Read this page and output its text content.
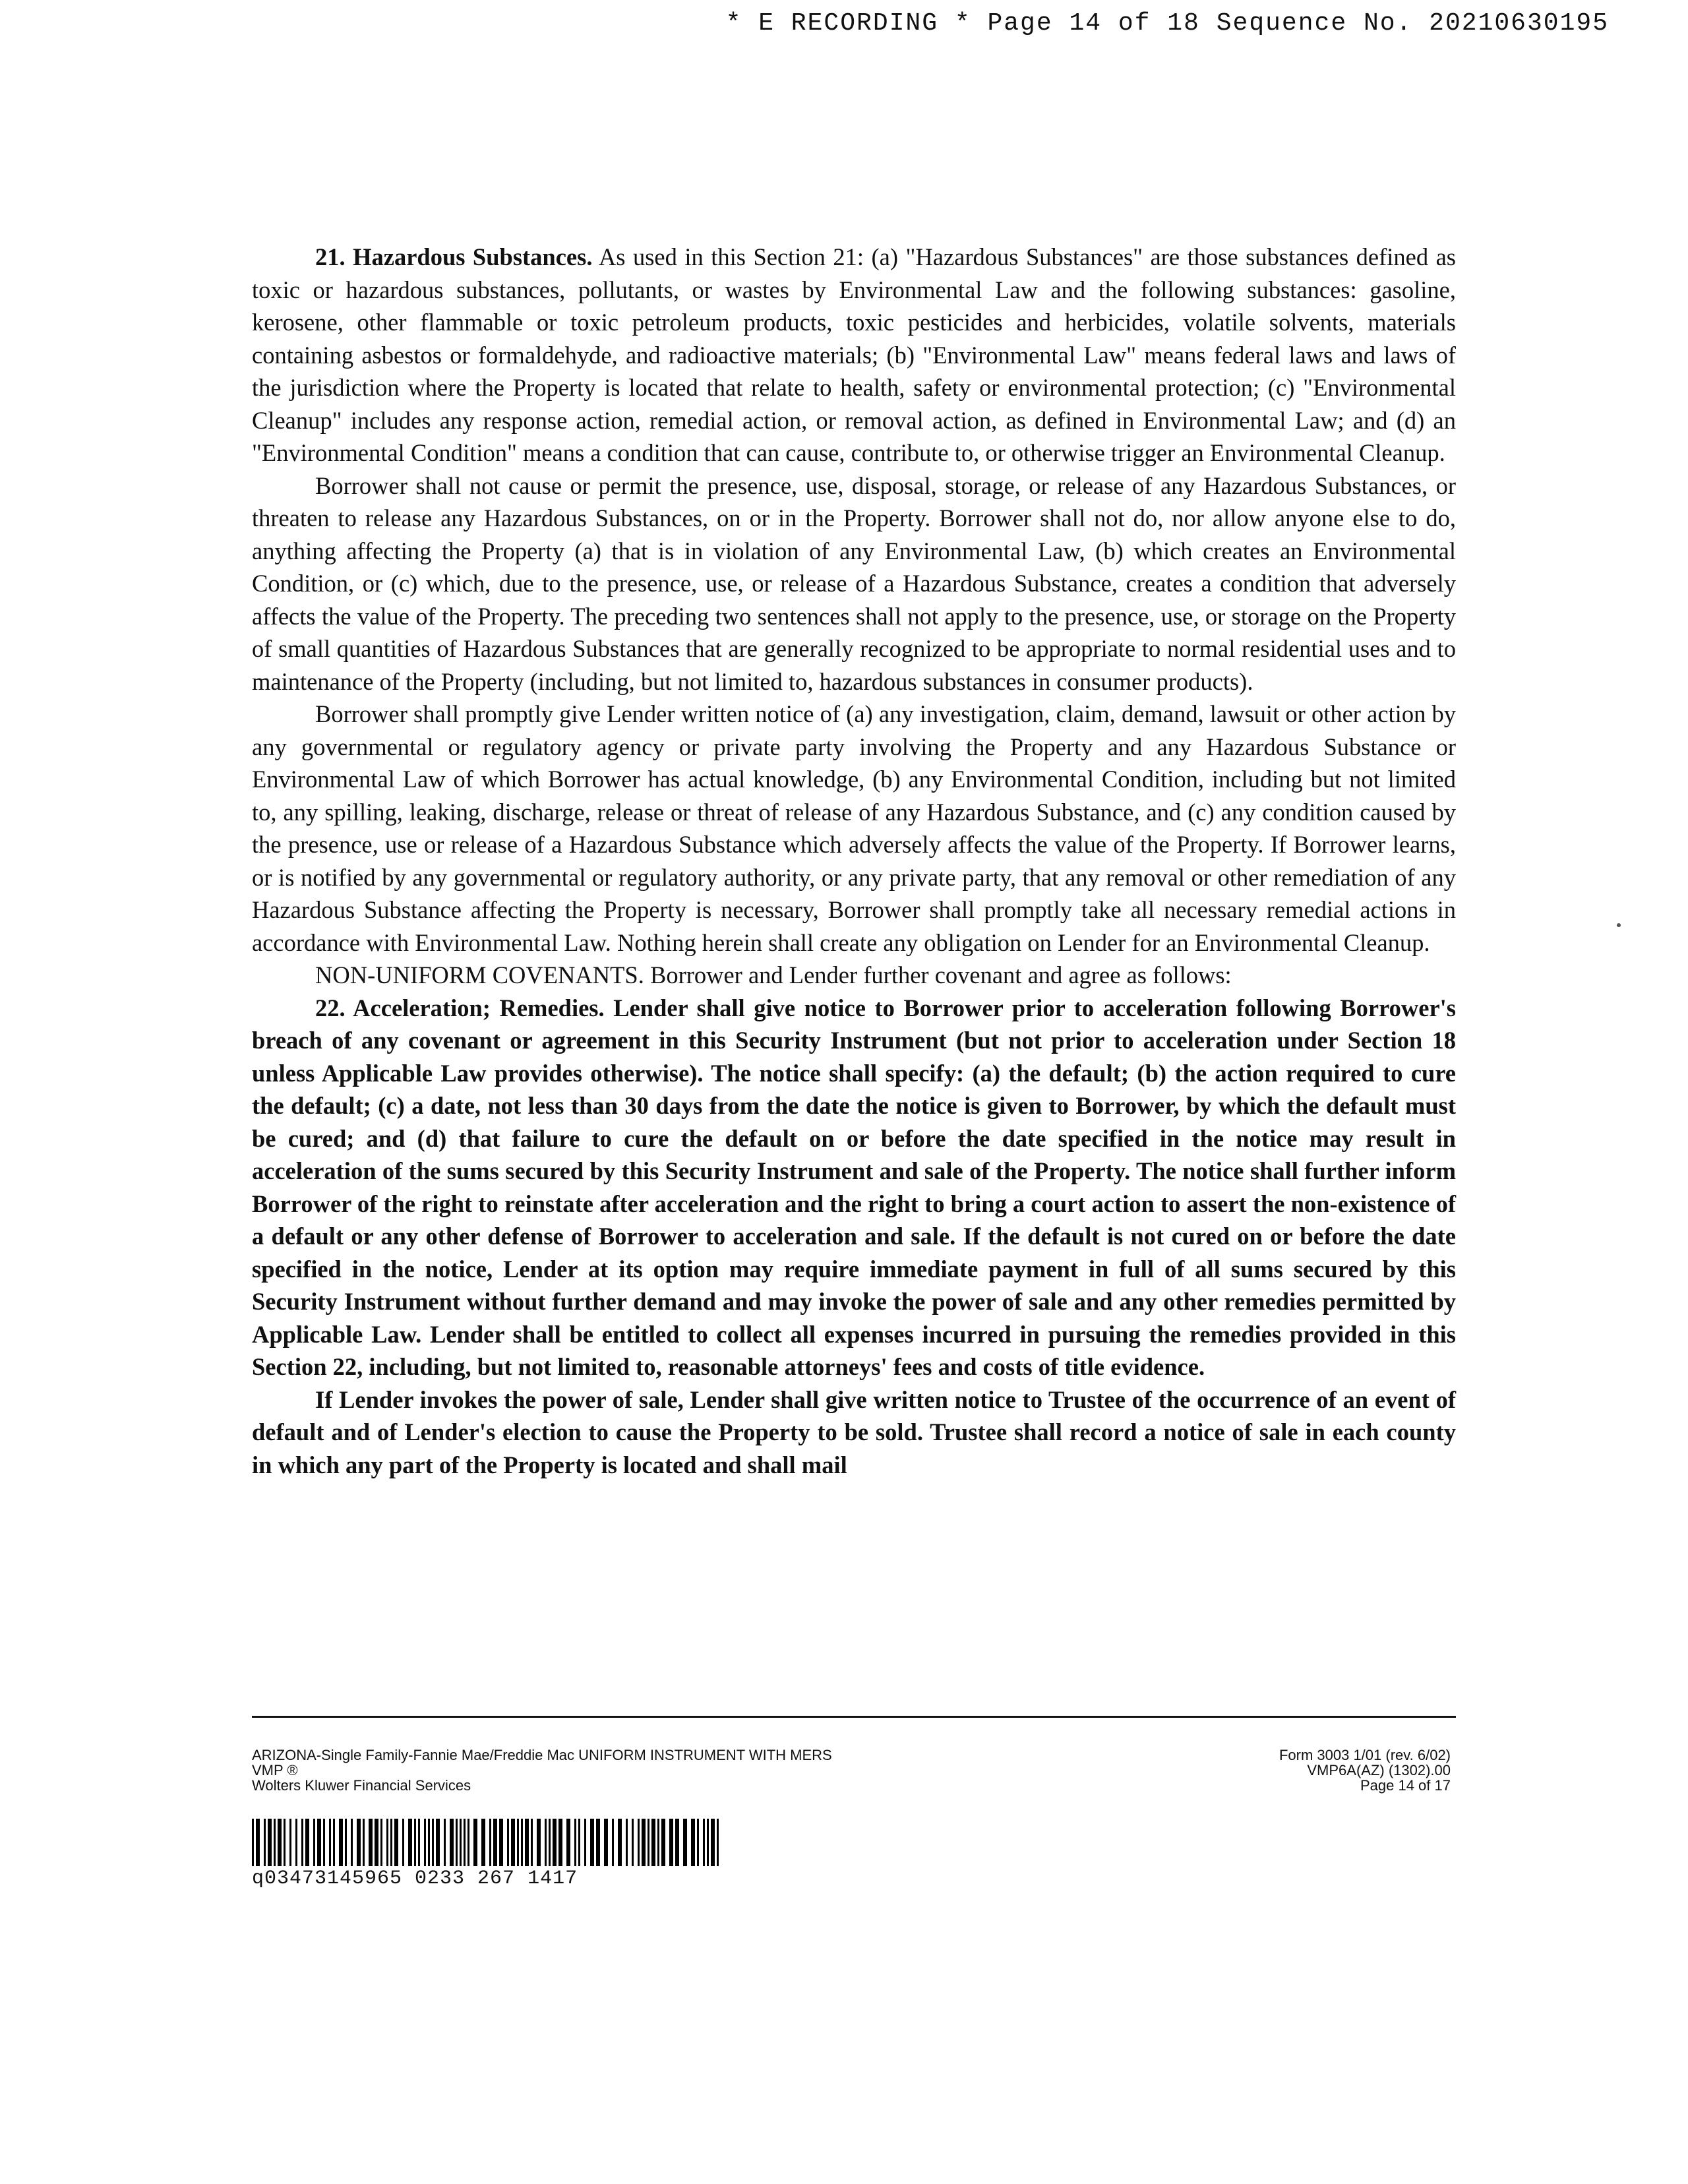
* E RECORDING * Page 14 of 18 Sequence No. 20210630195

21. Hazardous Substances. As used in this Section 21: (a) "Hazardous Substances" are those substances defined as toxic or hazardous substances, pollutants, or wastes by Environmental Law and the following substances: gasoline, kerosene, other flammable or toxic petroleum products, toxic pesticides and herbicides, volatile solvents, materials containing asbestos or formaldehyde, and radioactive materials; (b) "Environmental Law" means federal laws and laws of the jurisdiction where the Property is located that relate to health, safety or environmental protection; (c) "Environmental Cleanup" includes any response action, remedial action, or removal action, as defined in Environmental Law; and (d) an "Environmental Condition" means a condition that can cause, contribute to, or otherwise trigger an Environmental Cleanup.

Borrower shall not cause or permit the presence, use, disposal, storage, or release of any Hazardous Substances, or threaten to release any Hazardous Substances, on or in the Property. Borrower shall not do, nor allow anyone else to do, anything affecting the Property (a) that is in violation of any Environmental Law, (b) which creates an Environmental Condition, or (c) which, due to the presence, use, or release of a Hazardous Substance, creates a condition that adversely affects the value of the Property. The preceding two sentences shall not apply to the presence, use, or storage on the Property of small quantities of Hazardous Substances that are generally recognized to be appropriate to normal residential uses and to maintenance of the Property (including, but not limited to, hazardous substances in consumer products).

Borrower shall promptly give Lender written notice of (a) any investigation, claim, demand, lawsuit or other action by any governmental or regulatory agency or private party involving the Property and any Hazardous Substance or Environmental Law of which Borrower has actual knowledge, (b) any Environmental Condition, including but not limited to, any spilling, leaking, discharge, release or threat of release of any Hazardous Substance, and (c) any condition caused by the presence, use or release of a Hazardous Substance which adversely affects the value of the Property. If Borrower learns, or is notified by any governmental or regulatory authority, or any private party, that any removal or other remediation of any Hazardous Substance affecting the Property is necessary, Borrower shall promptly take all necessary remedial actions in accordance with Environmental Law. Nothing herein shall create any obligation on Lender for an Environmental Cleanup.

NON-UNIFORM COVENANTS. Borrower and Lender further covenant and agree as follows:

22. Acceleration; Remedies. Lender shall give notice to Borrower prior to acceleration following Borrower's breach of any covenant or agreement in this Security Instrument (but not prior to acceleration under Section 18 unless Applicable Law provides otherwise). The notice shall specify: (a) the default; (b) the action required to cure the default; (c) a date, not less than 30 days from the date the notice is given to Borrower, by which the default must be cured; and (d) that failure to cure the default on or before the date specified in the notice may result in acceleration of the sums secured by this Security Instrument and sale of the Property. The notice shall further inform Borrower of the right to reinstate after acceleration and the right to bring a court action to assert the non-existence of a default or any other defense of Borrower to acceleration and sale. If the default is not cured on or before the date specified in the notice, Lender at its option may require immediate payment in full of all sums secured by this Security Instrument without further demand and may invoke the power of sale and any other remedies permitted by Applicable Law. Lender shall be entitled to collect all expenses incurred in pursuing the remedies provided in this Section 22, including, but not limited to, reasonable attorneys' fees and costs of title evidence.

If Lender invokes the power of sale, Lender shall give written notice to Trustee of the occurrence of an event of default and of Lender's election to cause the Property to be sold. Trustee shall record a notice of sale in each county in which any part of the Property is located and shall mail

ARIZONA-Single Family-Fannie Mae/Freddie Mac UNIFORM INSTRUMENT WITH MERS
VMP ®
Wolters Kluwer Financial Services
Form 3003 1/01 (rev. 6/02)
VMP6A(AZ) (1302).00
Page 14 of 17
q03473145965 0233 267 1417
